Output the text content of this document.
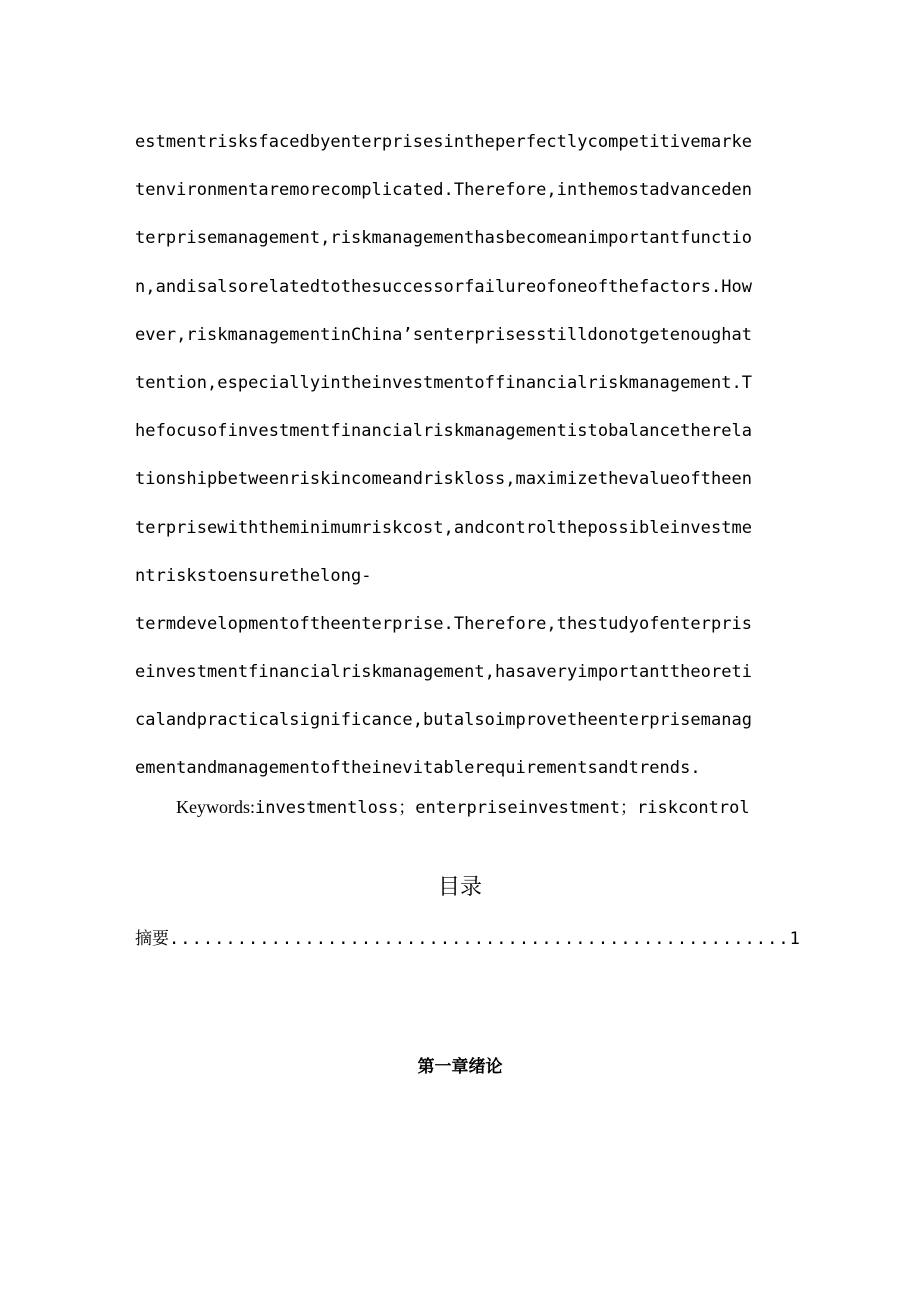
estmentrisksfacedbyenterprisesintheperfectlycompetitivemarke
tenvironmentaremorecomplicated.Therefore,inthemostadvanceden
terprisemanagement,riskmanagementhasbecomeanimportantfunctio
n,andisalsorelatedtothesuccessorfailureofoneofthefactors.How
ever,riskmanagementinChina’senterprisesstilldonotgetenoughat
tention,especiallyintheinvestmentoffinancialriskmanagement.T
hefocusofinvestmentfinancialriskmanagementistobalancetherela
tionshipbetweenriskincomeandriskloss,maximizethevalueoftheen
terprisewiththeminimumriskcost,andcontrolthepossibleinvestme
ntriskstoensurethelong-
termdevelopmentoftheenterprise.Therefore,thestudyofenterpris
einvestmentfinancialriskmanagement,hasaveryimportanttheoreti
calandpracticalsignificance,butalsoimprovetheenterprisemanag
ementandmanagementoftheinevitablerequirementsandtrends.
Keywords:investmentloss；enterpriseinvestment；riskcontrol
目录
摘要.......................................................1
第一章绪论
